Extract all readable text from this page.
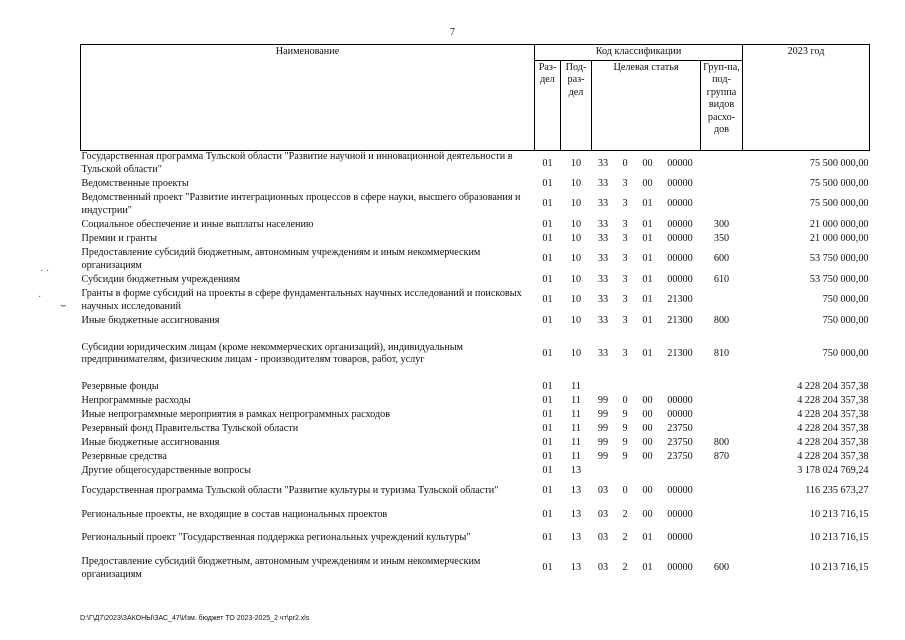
7
· ·
·
⌣
Наименование	Код классификации							2023 год
	Раз-дел	Под-раз-дел	Целевая статья				Груп-па, под-группа видов расхо-дов	
Государственная программа Тульской области "Развитие научной и инновационной деятельности в Тульской области"	01	10	33	0	00	00000		75 500 000,00
Ведомственные проекты	01	10	33	3	00	00000		75 500 000,00
Ведомственный проект "Развитие интеграционных процессов в сфере науки, высшего образования и индустрии"	01	10	33	3	01	00000		75 500 000,00
Социальное обеспечение и иные выплаты населению	01	10	33	3	01	00000	300	21 000 000,00
Премии и гранты	01	10	33	3	01	00000	350	21 000 000,00
Предоставление субсидий бюджетным, автономным учреждениям и иным некоммерческим организациям	01	10	33	3	01	00000	600	53 750 000,00
Субсидии бюджетным учреждениям	01	10	33	3	01	00000	610	53 750 000,00
Гранты в форме субсидий на проекты в сфере фундаментальных научных исследований и поисковых научных исследований	01	10	33	3	01	21300		750 000,00
Иные бюджетные ассигнования	01	10	33	3	01	21300	800	750 000,00
Субсидии юридическим лицам (кроме некоммерческих организаций), индивидуальным предпринимателям, физическим лицам - производителям товаров, работ, услуг	01	10	33	3	01	21300	810	750 000,00
Резервные фонды	01	11						4 228 204 357,38
Непрограммные расходы	01	11	99	0	00	00000		4 228 204 357,38
Иные непрограммные мероприятия в рамках непрограммных расходов	01	11	99	9	00	00000		4 228 204 357,38
Резервный фонд Правительства Тульской области	01	11	99	9	00	23750		4 228 204 357,38
Иные бюджетные ассигнования	01	11	99	9	00	23750	800	4 228 204 357,38
Резервные средства	01	11	99	9	00	23750	870	4 228 204 357,38
Другие общегосударственные вопросы	01	13						3 178 024 769,24
Государственная программа Тульской области "Развитие культуры и туризма Тульской области"	01	13	03	0	00	00000		116 235 673,27
Региональные проекты, не входящие в состав национальных проектов	01	13	03	2	00	00000		10 213 716,15
Региональный проект "Государственная поддержка региональных учреждений культуры"	01	13	03	2	01	00000		10 213 716,15
Предоставление субсидий бюджетным, автономным учреждениям и иным некоммерческим организациям	01	13	03	2	01	00000	600	10 213 716,15
D:\Г\Д7\2023\ЗАКОНЫ\ЗАС_47\Изм. бюджет ТО 2023-2025_2 чт\pr2.xls
